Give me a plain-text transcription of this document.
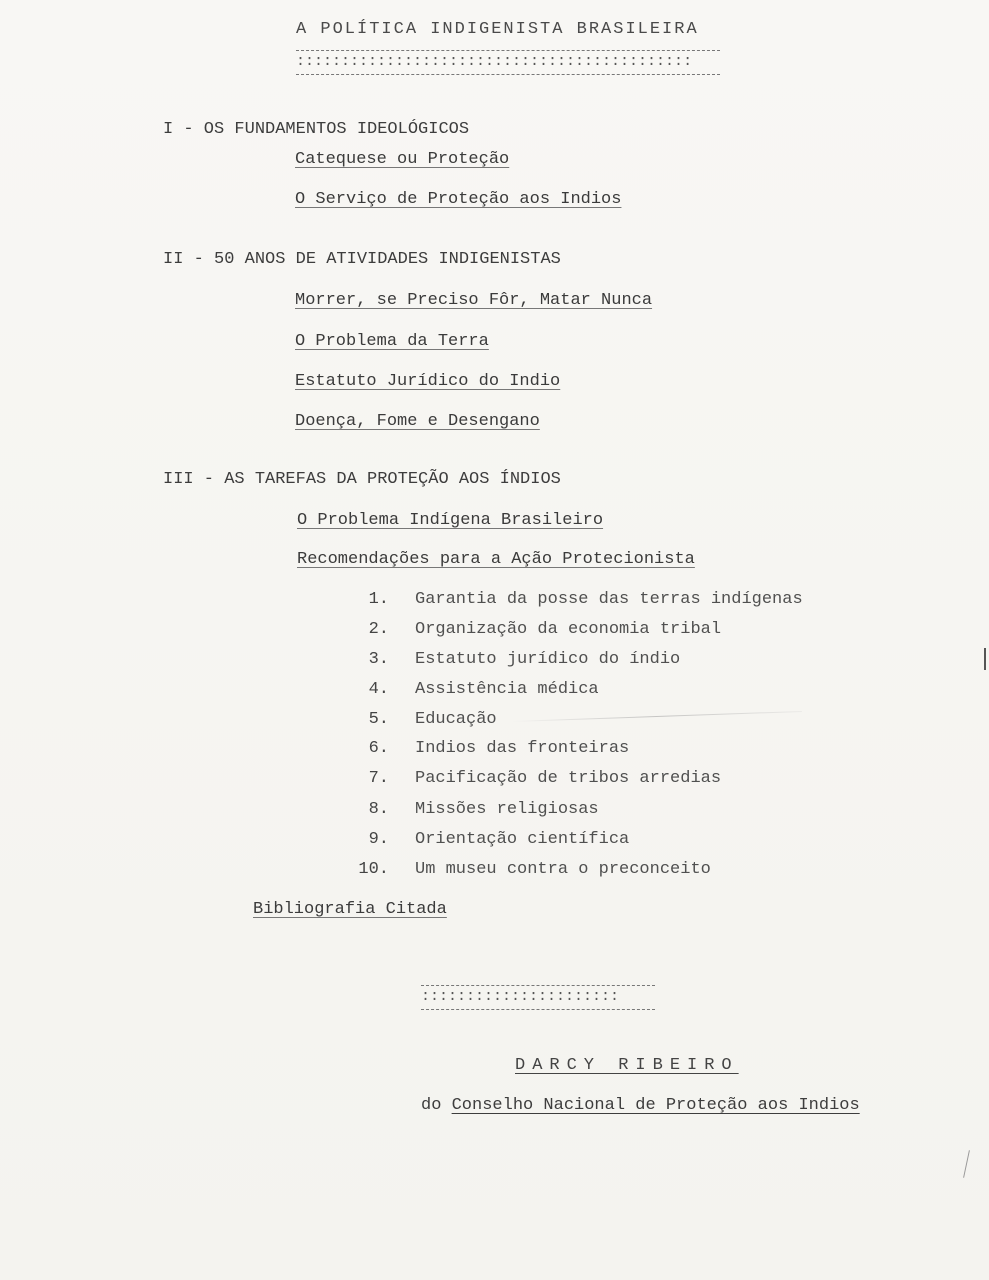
A POLÍTICA INDIGENISTA BRASILEIRA
::::::::::::::::::::::::::::::::::::::::::::
I - OS FUNDAMENTOS IDEOLÓGICOS
Catequese ou Proteção
O Serviço de Proteção aos Indios
II - 50 ANOS DE ATIVIDADES INDIGENISTAS
Morrer, se Preciso Fôr, Matar Nunca
O Problema da Terra
Estatuto Jurídico do Indio
Doença, Fome e Desengano
III - AS TAREFAS DA PROTEÇÃO AOS ÍNDIOS
O Problema Indígena Brasileiro
Recomendações para a Ação Protecionista
1. Garantia da posse das terras indígenas
2. Organização da economia tribal
3. Estatuto jurídico do índio
4. Assistência médica
5. Educação
6. Indios das fronteiras
7. Pacificação de tribos arredias
8. Missões religiosas
9. Orientação científica
10. Um museu contra o preconceito
Bibliografia Citada
::::::::::::::::::::::
DARCY RIBEIRO
do Conselho Nacional de Proteção aos Indios
